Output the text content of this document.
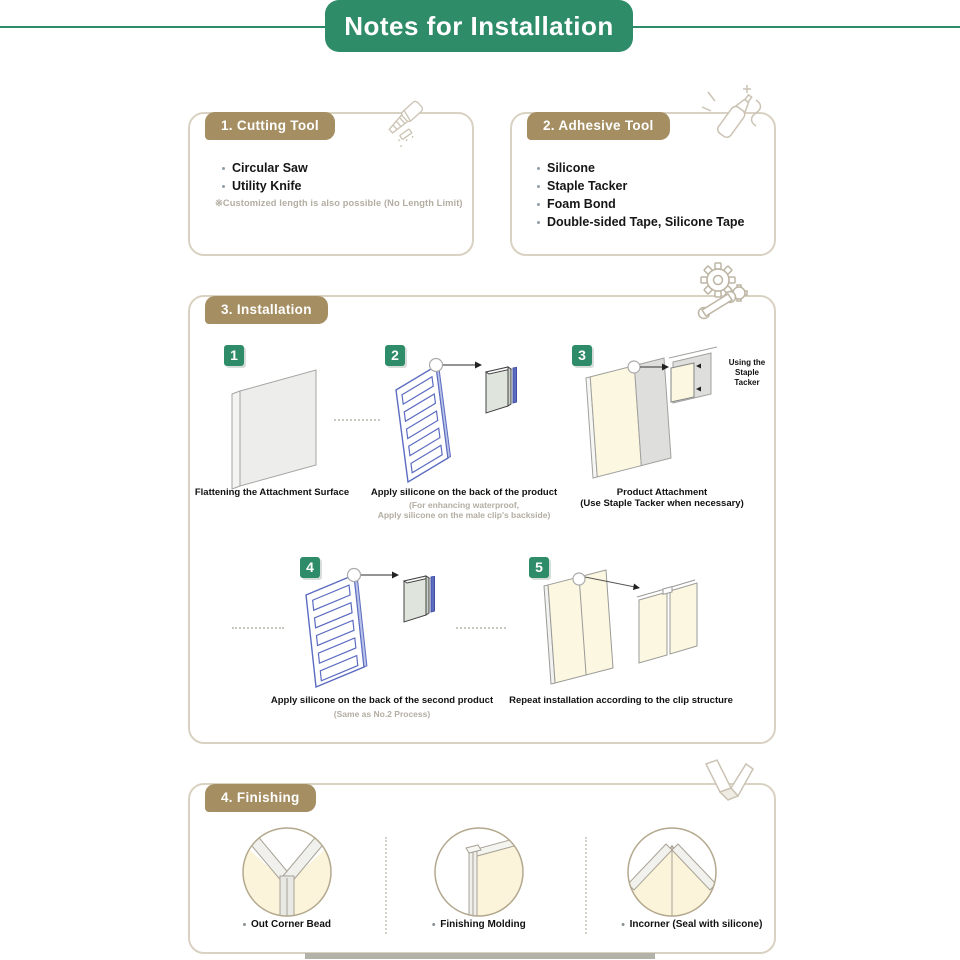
Notes for Installation
1. Cutting Tool
Circular Saw
Utility Knife
※Customized length is also possible (No Length Limit)
2. Adhesive Tool
Silicone
Staple Tacker
Foam Bond
Double-sided Tape, Silicone Tape
3. Installation
1	2	3
4	5
Using the
Staple Tacker
Flattening the Attachment Surface Apply silicone on the back of the product
(For enhancing waterproof,
Apply silicone on the male clip's backside)
Product Attachment
(Use Staple Tacker when necessary)
Apply silicone on the back of the second product
(Same as No.2 Process)
Repeat installation according to the clip structure
4. Finishing
Out Corner Bead	Finishing Molding	Incorner (Seal with silicone)
